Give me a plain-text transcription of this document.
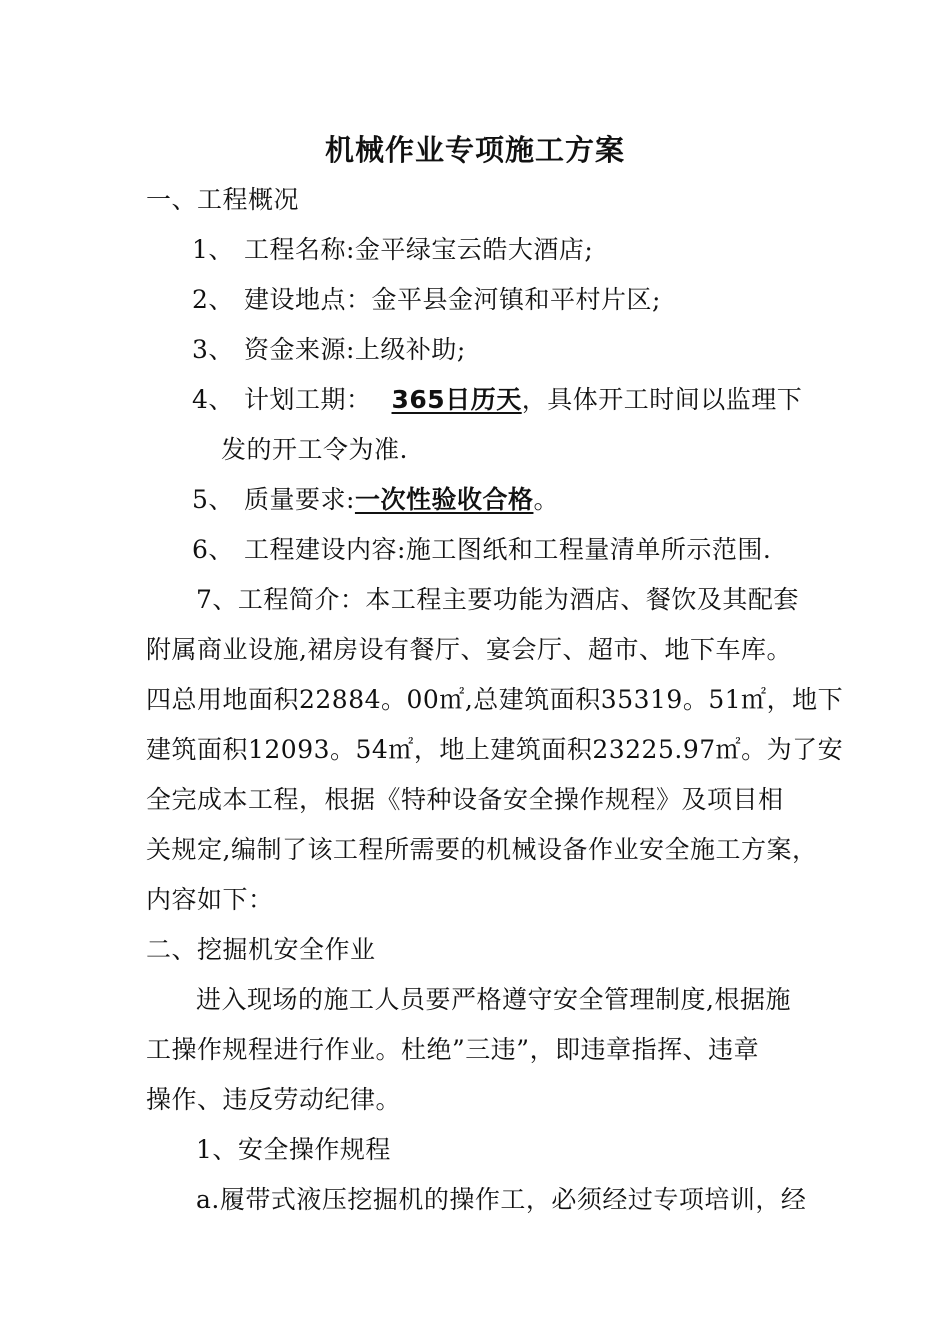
机械作业专项施工方案
一、工程概况
1、 工程名称:金平绿宝云皓大酒店;
2、 建设地点：金平县金河镇和平村片区;
3、 资金来源:上级补助;
4、 计划工期： 365日历天，具体开工时间以监理下
发的开工令为准.
5、 质量要求:一次性验收合格。
6、 工程建设内容:施工图纸和工程量清单所示范围.
7、工程简介：本工程主要功能为酒店、餐饮及其配套
附属商业设施,裙房设有餐厅、宴会厅、超市、地下车库。
四总用地面积22884。00㎡,总建筑面积35319。51㎡，地下
建筑面积12093。54㎡，地上建筑面积23225.97㎡。为了安
全完成本工程，根据《特种设备安全操作规程》及项目相
关规定,编制了该工程所需要的机械设备作业安全施工方案，
内容如下：
二、挖掘机安全作业
进入现场的施工人员要严格遵守安全管理制度,根据施
工操作规程进行作业。杜绝”三违”，即违章指挥、违章
操作、违反劳动纪律。
1、安全操作规程
a.履带式液压挖掘机的操作工，必须经过专项培训，经
